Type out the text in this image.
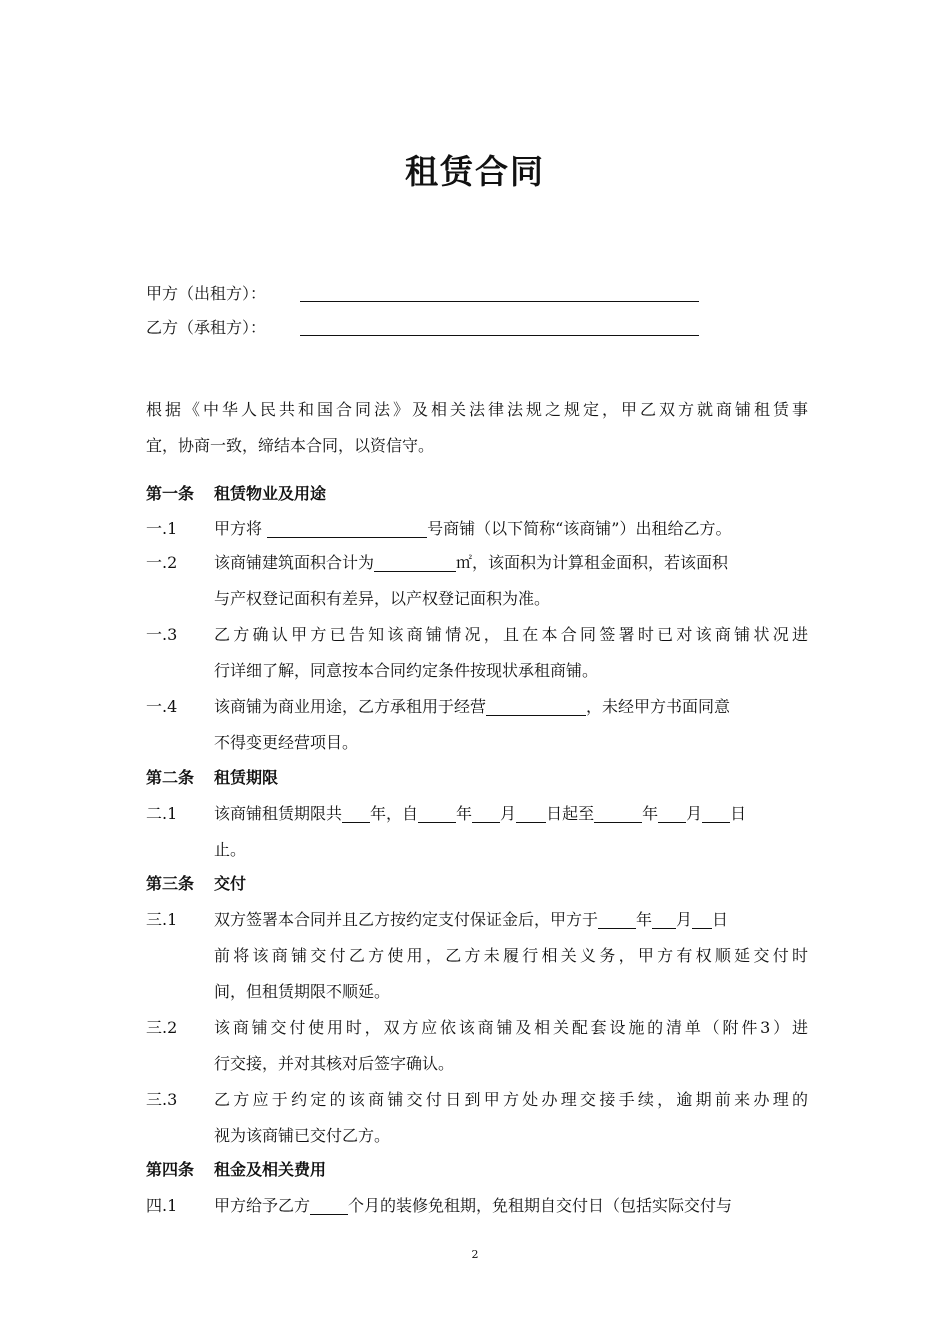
租赁合同
甲方（出租方）：
乙方（承租方）：
根据《中华人民共和国合同法》及相关法律法规之规定，甲乙双方就商铺租赁事
宜，协商一致，缔结本合同，以资信守。
第一条 租赁物业及用途
一.1	甲方将	号商铺（以下简称“该商铺”）出租给乙方。
一.2	该商铺建筑面积合计为	㎡，该面积为计算租金面积，若该面积
与产权登记面积有差异，以产权登记面积为准。
一.3	乙方确认甲方已告知该商铺情况，且在本合同签署时已对该商铺状况进
行详细了解，同意按本合同约定条件按现状承租商铺。
一.4	该商铺为商业用途，乙方承租用于经营	，未经甲方书面同意
不得变更经营项目。
第二条 租赁期限
二.1	该商铺租赁期限共 年，自 年 月 日起至	年 月 日
止。
第三条 交付
三.1	双方签署本合同并且乙方按约定支付保证金后，甲方于 年 月 日
前将该商铺交付乙方使用，乙方未履行相关义务，甲方有权顺延交付时
间，但租赁期限不顺延。
三.2	该商铺交付使用时，双方应依该商铺及相关配套设施的清单（附件3）进
行交接，并对其核对后签字确认。
三.3	乙方应于约定的该商铺交付日到甲方处办理交接手续，逾期前来办理的
视为该商铺已交付乙方。
第四条 租金及相关费用
四.1	甲方给予乙方 个月的装修免租期，免租期自交付日（包括实际交付与
2
